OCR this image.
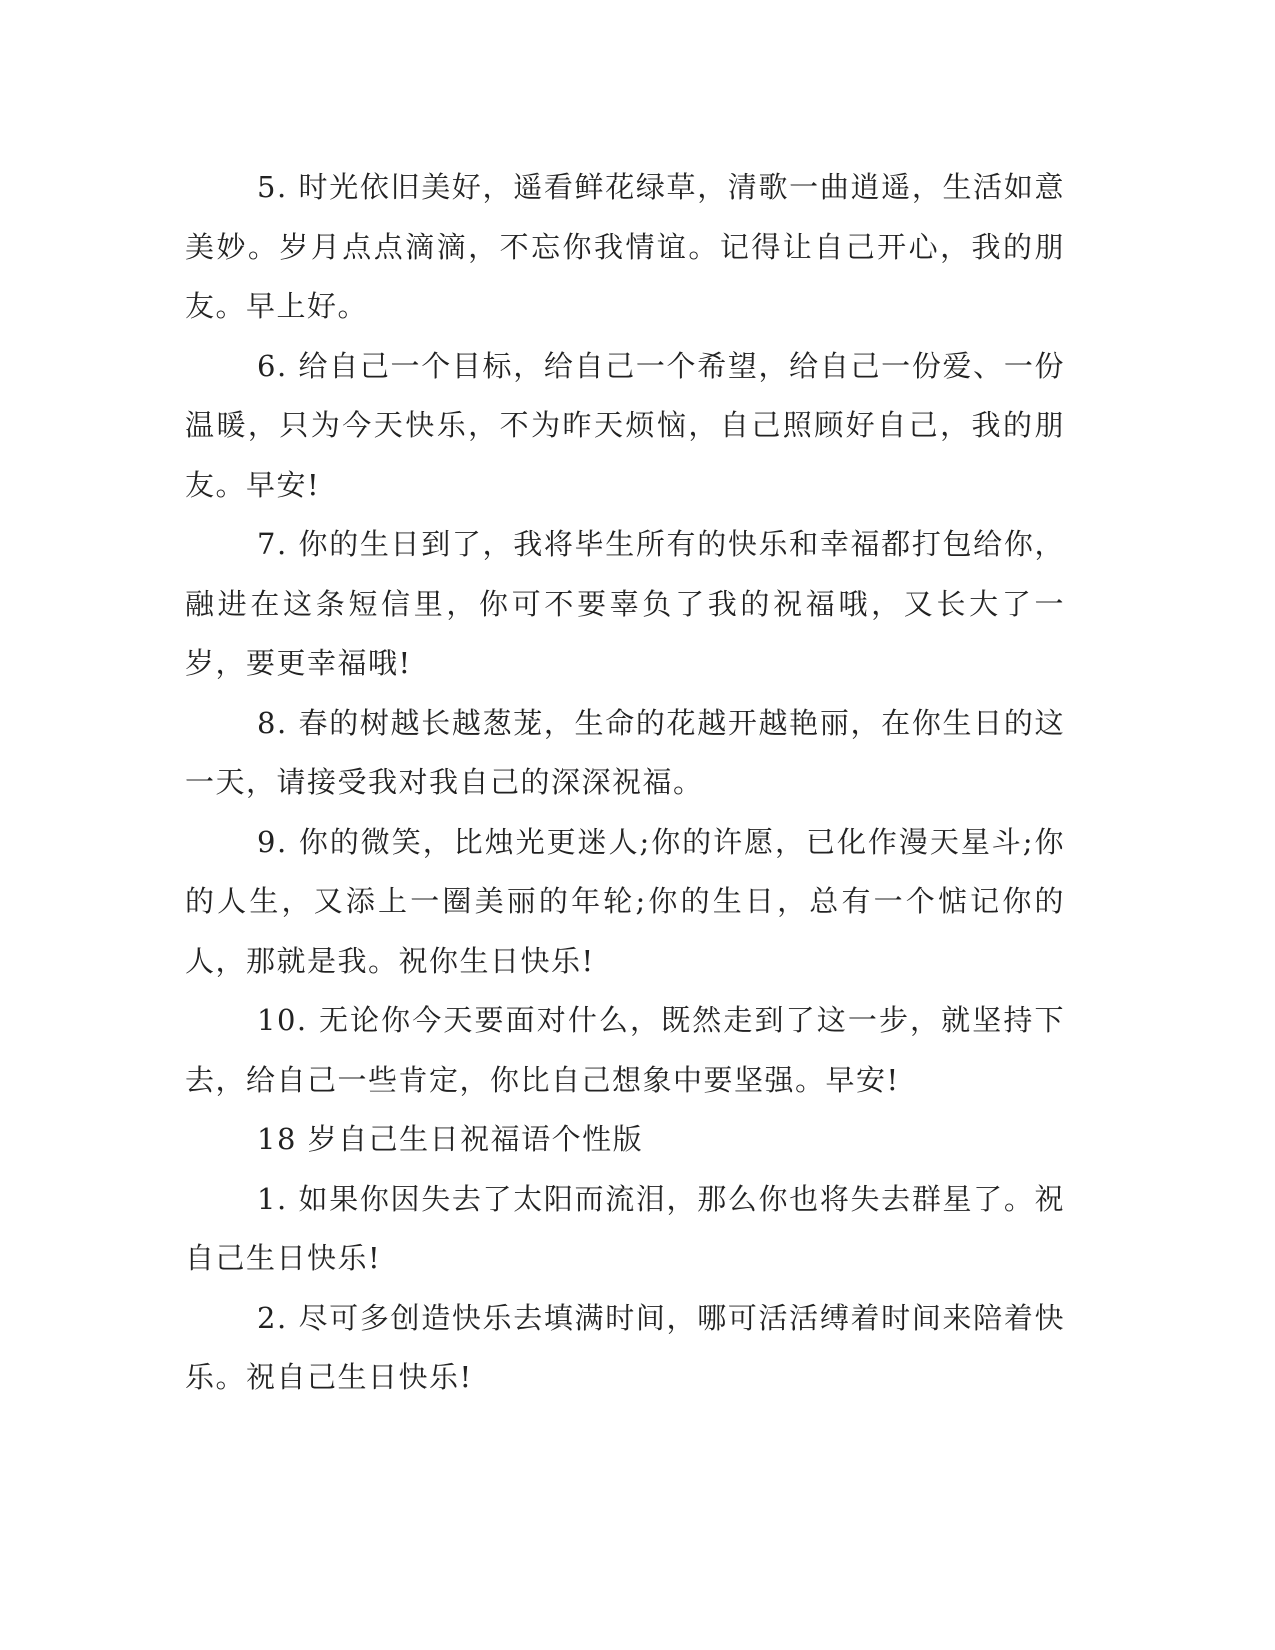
5. 时光依旧美好，遥看鲜花绿草，清歌一曲逍遥，生活如意美妙。岁月点点滴滴，不忘你我情谊。记得让自己开心，我的朋友。早上好。

6. 给自己一个目标，给自己一个希望，给自己一份爱、一份温暖，只为今天快乐，不为昨天烦恼，自己照顾好自己，我的朋友。早安!

7. 你的生日到了，我将毕生所有的快乐和幸福都打包给你，融进在这条短信里，你可不要辜负了我的祝福哦，又长大了一岁，要更幸福哦!

8. 春的树越长越葱茏，生命的花越开越艳丽，在你生日的这一天，请接受我对我自己的深深祝福。

9. 你的微笑，比烛光更迷人;你的许愿，已化作漫天星斗;你的人生，又添上一圈美丽的年轮;你的生日，总有一个惦记你的人，那就是我。祝你生日快乐!

10. 无论你今天要面对什么，既然走到了这一步，就坚持下去，给自己一些肯定，你比自己想象中要坚强。早安!

18 岁自己生日祝福语个性版

1. 如果你因失去了太阳而流泪，那么你也将失去群星了。祝自己生日快乐!

2. 尽可多创造快乐去填满时间，哪可活活缚着时间来陪着快乐。祝自己生日快乐!
